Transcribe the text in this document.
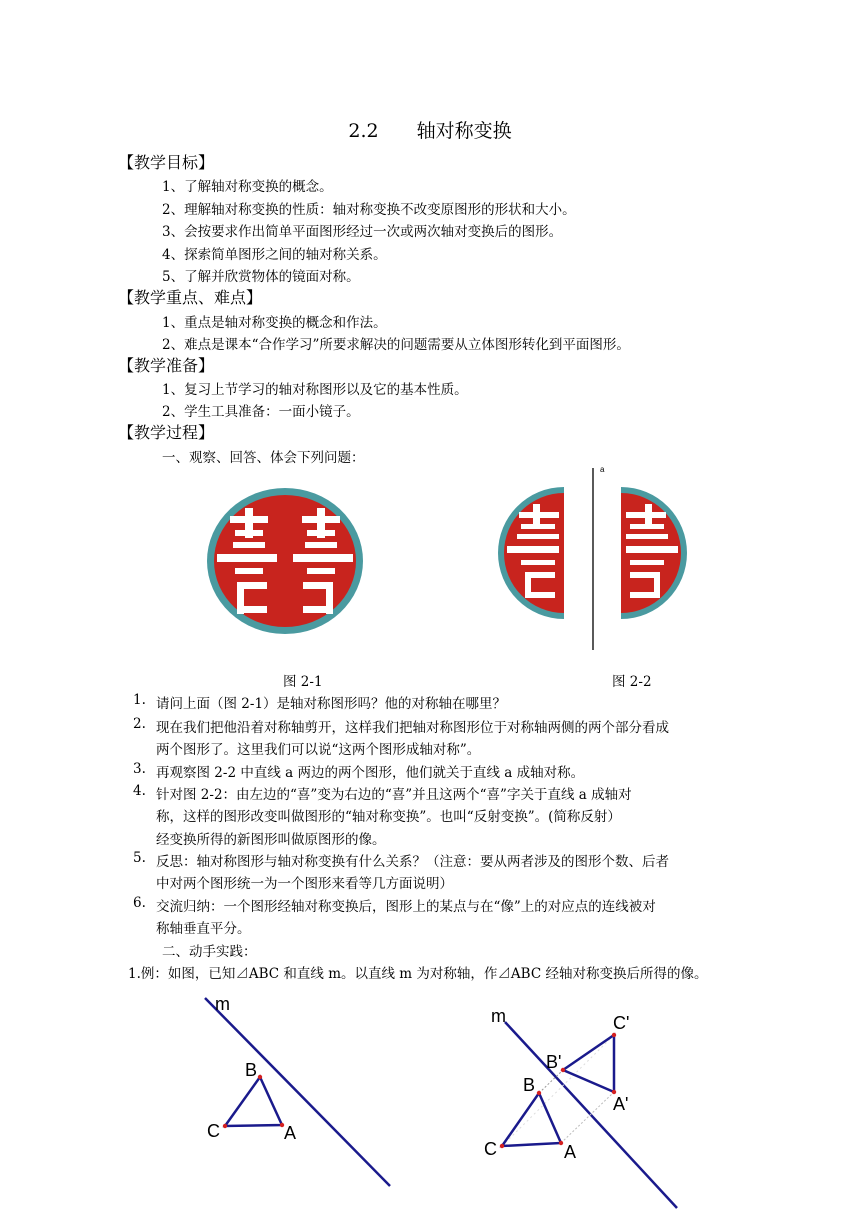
2.2 轴对称变换
【教学目标】
1、了解轴对称变换的概念。
2、理解轴对称变换的性质：轴对称变换不改变原图形的形状和大小。
3、会按要求作出简单平面图形经过一次或两次轴对变换后的图形。
4、探索简单图形之间的轴对称关系。
5、了解并欣赏物体的镜面对称。
【教学重点、难点】
1、重点是轴对称变换的概念和作法。
2、难点是课本“合作学习”所要求解决的问题需要从立体图形转化到平面图形。
【教学准备】
1、复习上节学习的轴对称图形以及它的基本性质。
2、学生工具准备：一面小镜子。
【教学过程】
一、观察、回答、体会下列问题：
a
图 2-1	图 2-2
1. 请问上面（图 2-1）是轴对称图形吗？他的对称轴在哪里？
2. 现在我们把他沿着对称轴剪开，这样我们把轴对称图形位于对称轴两侧的两个部分看成
两个图形了。这里我们可以说“这两个图形成轴对称”。
3. 再观察图 2-2 中直线 a 两边的两个图形，他们就关于直线 a 成轴对称。
4. 针对图 2-2：由左边的“喜”变为右边的“喜”并且这两个“喜”字关于直线 a 成轴对
称，这样的图形改变叫做图形的“轴对称变换”。也叫“反射变换”。(简称反射）
经变换所得的新图形叫做原图形的像。
5. 反思：轴对称图形与轴对称变换有什么关系？（注意：要从两者涉及的图形个数、后者
中对两个图形统一为一个图形来看等几方面说明）
6. 交流归纳：一个图形经轴对称变换后，图形上的某点与在“像”上的对应点的连线被对
称轴垂直平分。
二、动手实践：
1.例：如图，已知⊿ABC 和直线 m。以直线 m 为对称轴，作⊿ABC 经轴对称变换后所得的像。
m
B
A
C
m
B
A
C
B'
C'
A'
